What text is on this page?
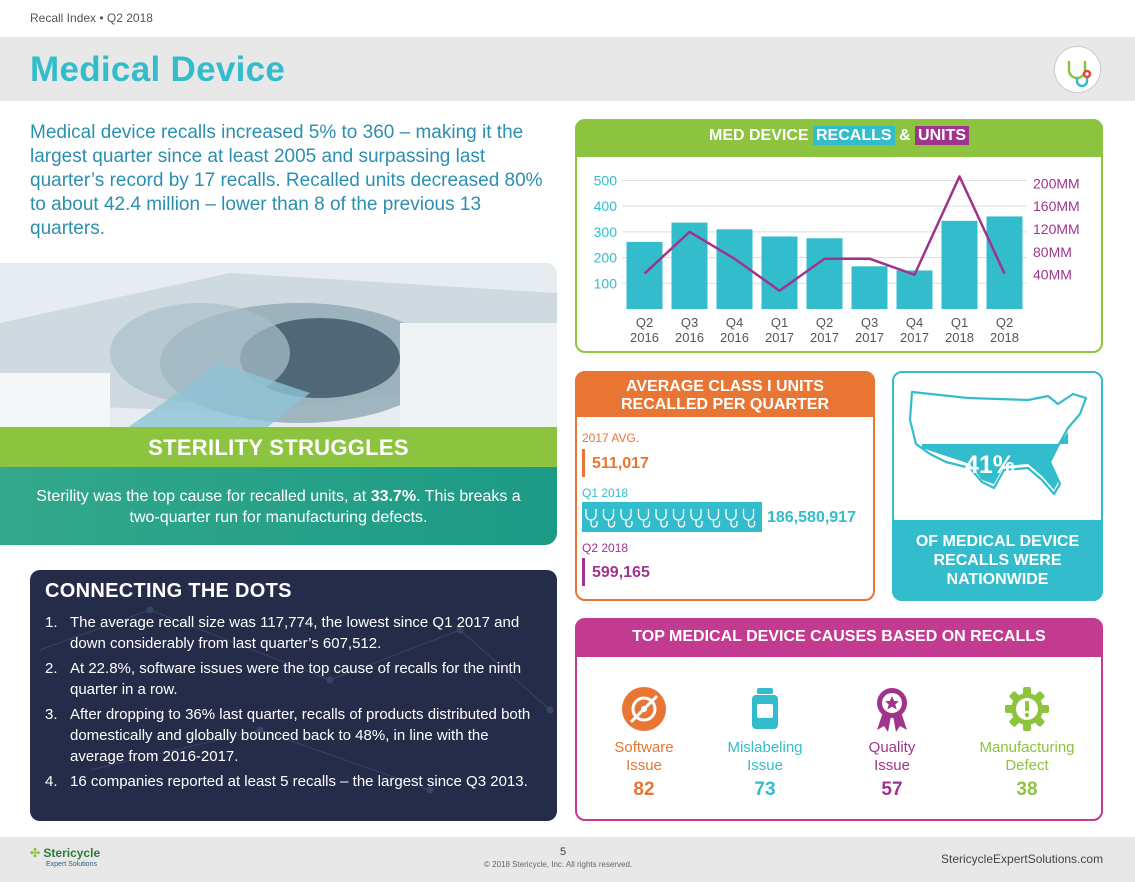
Recall Index • Q2 2018
Medical Device
Medical device recalls increased 5% to 360 – making it the largest quarter since at least 2005 and surpassing last quarter’s record by 17 recalls. Recalled units decreased 80% to about 42.4 million – lower than 8 of the previous 13 quarters.
STERILITY STRUGGLES
Sterility was the top cause for recalled units, at 33.7%. This breaks a two-quarter run for manufacturing defects.
CONNECTING THE DOTS
1. The average recall size was 117,774, the lowest since Q1 2017 and down considerably from last quarter’s 607,512.
2. At 22.8%, software issues were the top cause of recalls for the ninth quarter in a row.
3. After dropping to 36% last quarter, recalls of products distributed both domestically and globally bounced back to 48%, in line with the average from 2016-2017.
4. 16 companies reported at least 5 recalls – the largest since Q3 2013.
MED DEVICE RECALLS & UNITS
100
200
300
400
500
40MM
80MM
120MM
160MM
200MM
Q2
2016
Q3
2016
Q4
2016
Q1
2017
Q2
2017
Q3
2017
Q4
2017
Q1
2018
Q2
2018
AVERAGE CLASS I UNITS
RECALLED PER QUARTER
2017 AVG.
511,017
Q1 2018
186,580,917
Q2 2018
599,165
41%
OF MEDICAL DEVICE
RECALLS WERE
NATIONWIDE
TOP MEDICAL DEVICE CAUSES BASED ON RECALLS
Software
Issue
82
Mislabeling
Issue
73
Quality
Issue
57
Manufacturing
Defect
38
✣ Stericycle
Expert Solutions
5
© 2018 Stericycle, Inc. All rights reserved.	StericycleExpertSolutions.com
